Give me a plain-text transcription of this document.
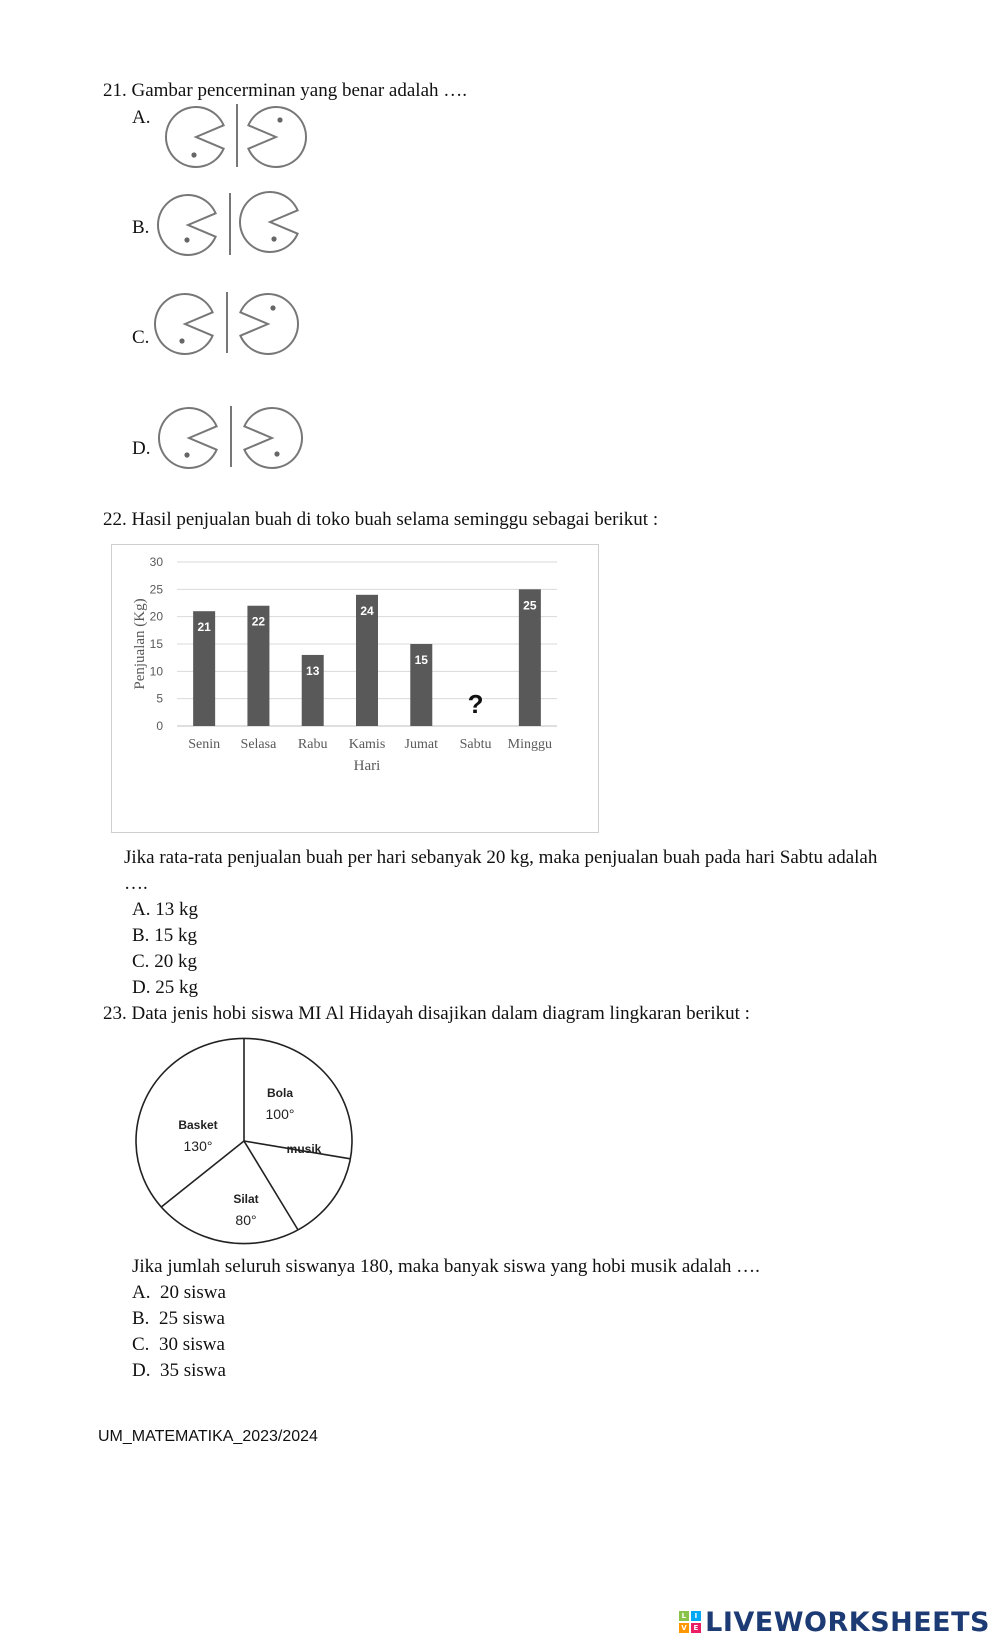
21. Gambar pencerminan yang benar adalah ….
A.
B.
C.
D.
22. Hasil penjualan buah di toko buah selama seminggu sebagai berikut :
0
5
10
15
20
25
30
21
Senin
22
Selasa
13
Rabu
24
Kamis
15
Jumat
?
Sabtu
25
Minggu
Hari
Penjualan (Kg)
Jika rata-rata penjualan buah per hari sebanyak 20 kg, maka penjualan buah pada hari Sabtu adalah
….
A. 13 kg
B. 15 kg
C. 20 kg
D. 25 kg
23. Data jenis hobi siswa MI Al Hidayah disajikan dalam diagram lingkaran berikut :
Bola
100°
musik
Silat
80°
Basket
130°
Jika jumlah seluruh siswanya 180, maka banyak siswa yang hobi musik adalah ….
A. 20 siswa
B. 25 siswa
C. 30 siswa
D. 35 siswa
UM_MATEMATIKA_2023/2024
L	I
V E LIVEWORKSHEETS
